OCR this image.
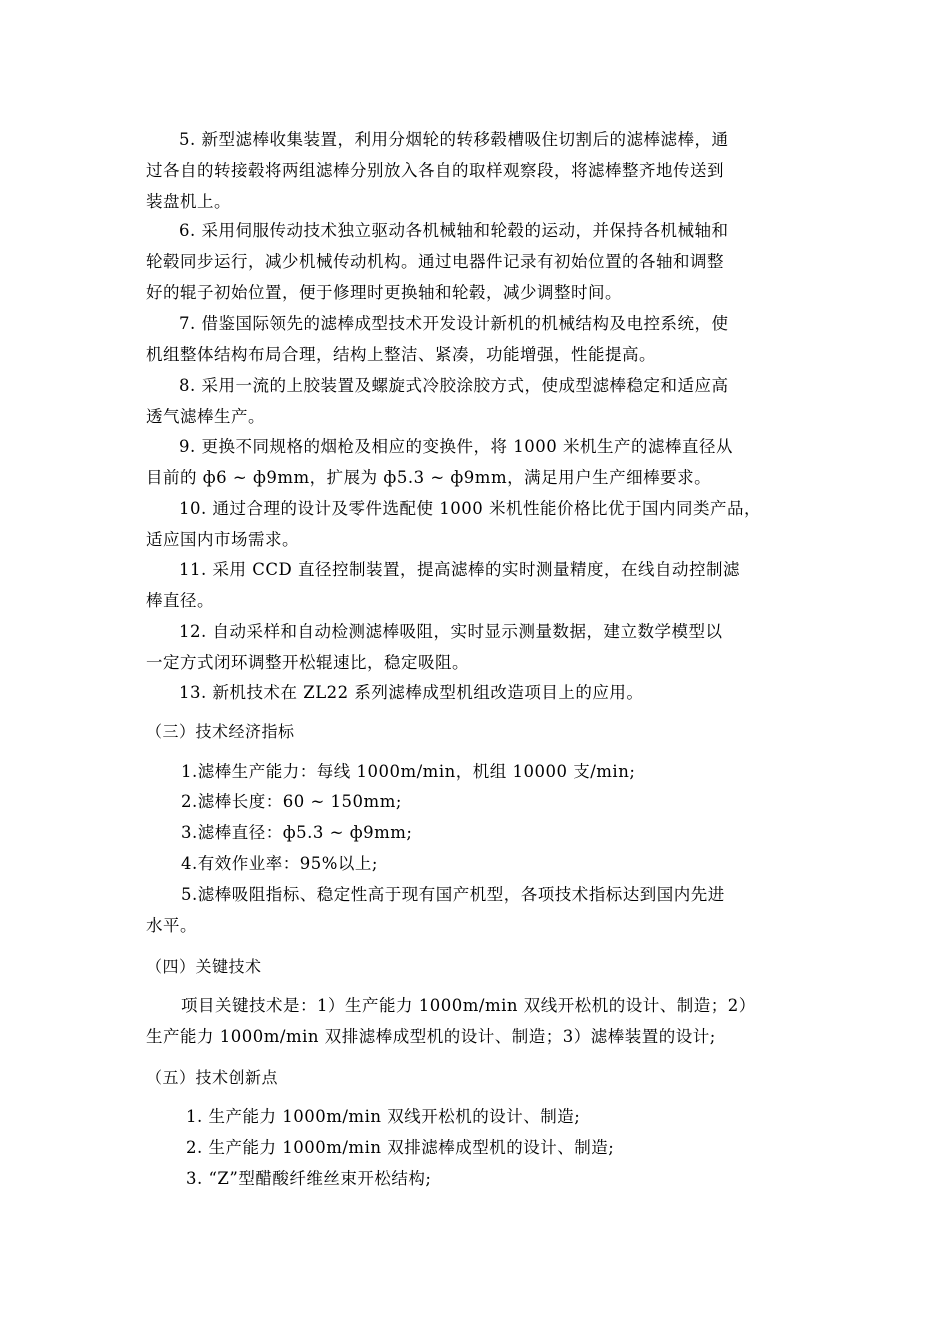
5. 新型滤棒收集装置，利用分烟轮的转移毂槽吸住切割后的滤棒滤棒，通
过各自的转接毂将两组滤棒分别放入各自的取样观察段，将滤棒整齐地传送到
装盘机上。

6. 采用伺服传动技术独立驱动各机械轴和轮毂的运动，并保持各机械轴和
轮毂同步运行，减少机械传动机构。通过电器件记录有初始位置的各轴和调整
好的辊子初始位置，便于修理时更换轴和轮毂，减少调整时间。

7. 借鉴国际领先的滤棒成型技术开发设计新机的机械结构及电控系统，使
机组整体结构布局合理，结构上整洁、紧凑，功能增强，性能提高。

8. 采用一流的上胶装置及螺旋式冷胶涂胶方式，使成型滤棒稳定和适应高
透气滤棒生产。

9. 更换不同规格的烟枪及相应的变换件，将 1000 米机生产的滤棒直径从
目前的 ф6 ~ ф9mm，扩展为 ф5.3 ~ ф9mm，满足用户生产细棒要求。

10. 通过合理的设计及零件选配使 1000 米机性能价格比优于国内同类产品，
适应国内市场需求。

11. 采用 CCD 直径控制装置，提高滤棒的实时测量精度，在线自动控制滤
棒直径。

12. 自动采样和自动检测滤棒吸阻，实时显示测量数据，建立数学模型以
一定方式闭环调整开松辊速比，稳定吸阻。

13. 新机技术在 ZL22 系列滤棒成型机组改造项目上的应用。

（三）技术经济指标

1.滤棒生产能力：每线 1000m/min，机组 10000 支/min;

2.滤棒长度：60 ~ 150mm;

3.滤棒直径：ф5.3 ~ ф9mm;

4.有效作业率：95%以上;

5.滤棒吸阻指标、稳定性高于现有国产机型，各项技术指标达到国内先进

水平。

（四）关键技术

项目关键技术是：1）生产能力 1000m/min 双线开松机的设计、制造；2）

生产能力 1000m/min 双排滤棒成型机的设计、制造；3）滤棒装置的设计;

（五）技术创新点

1. 生产能力 1000m/min 双线开松机的设计、制造;

2. 生产能力 1000m/min 双排滤棒成型机的设计、制造;

3. “Z”型醋酸纤维丝束开松结构;
